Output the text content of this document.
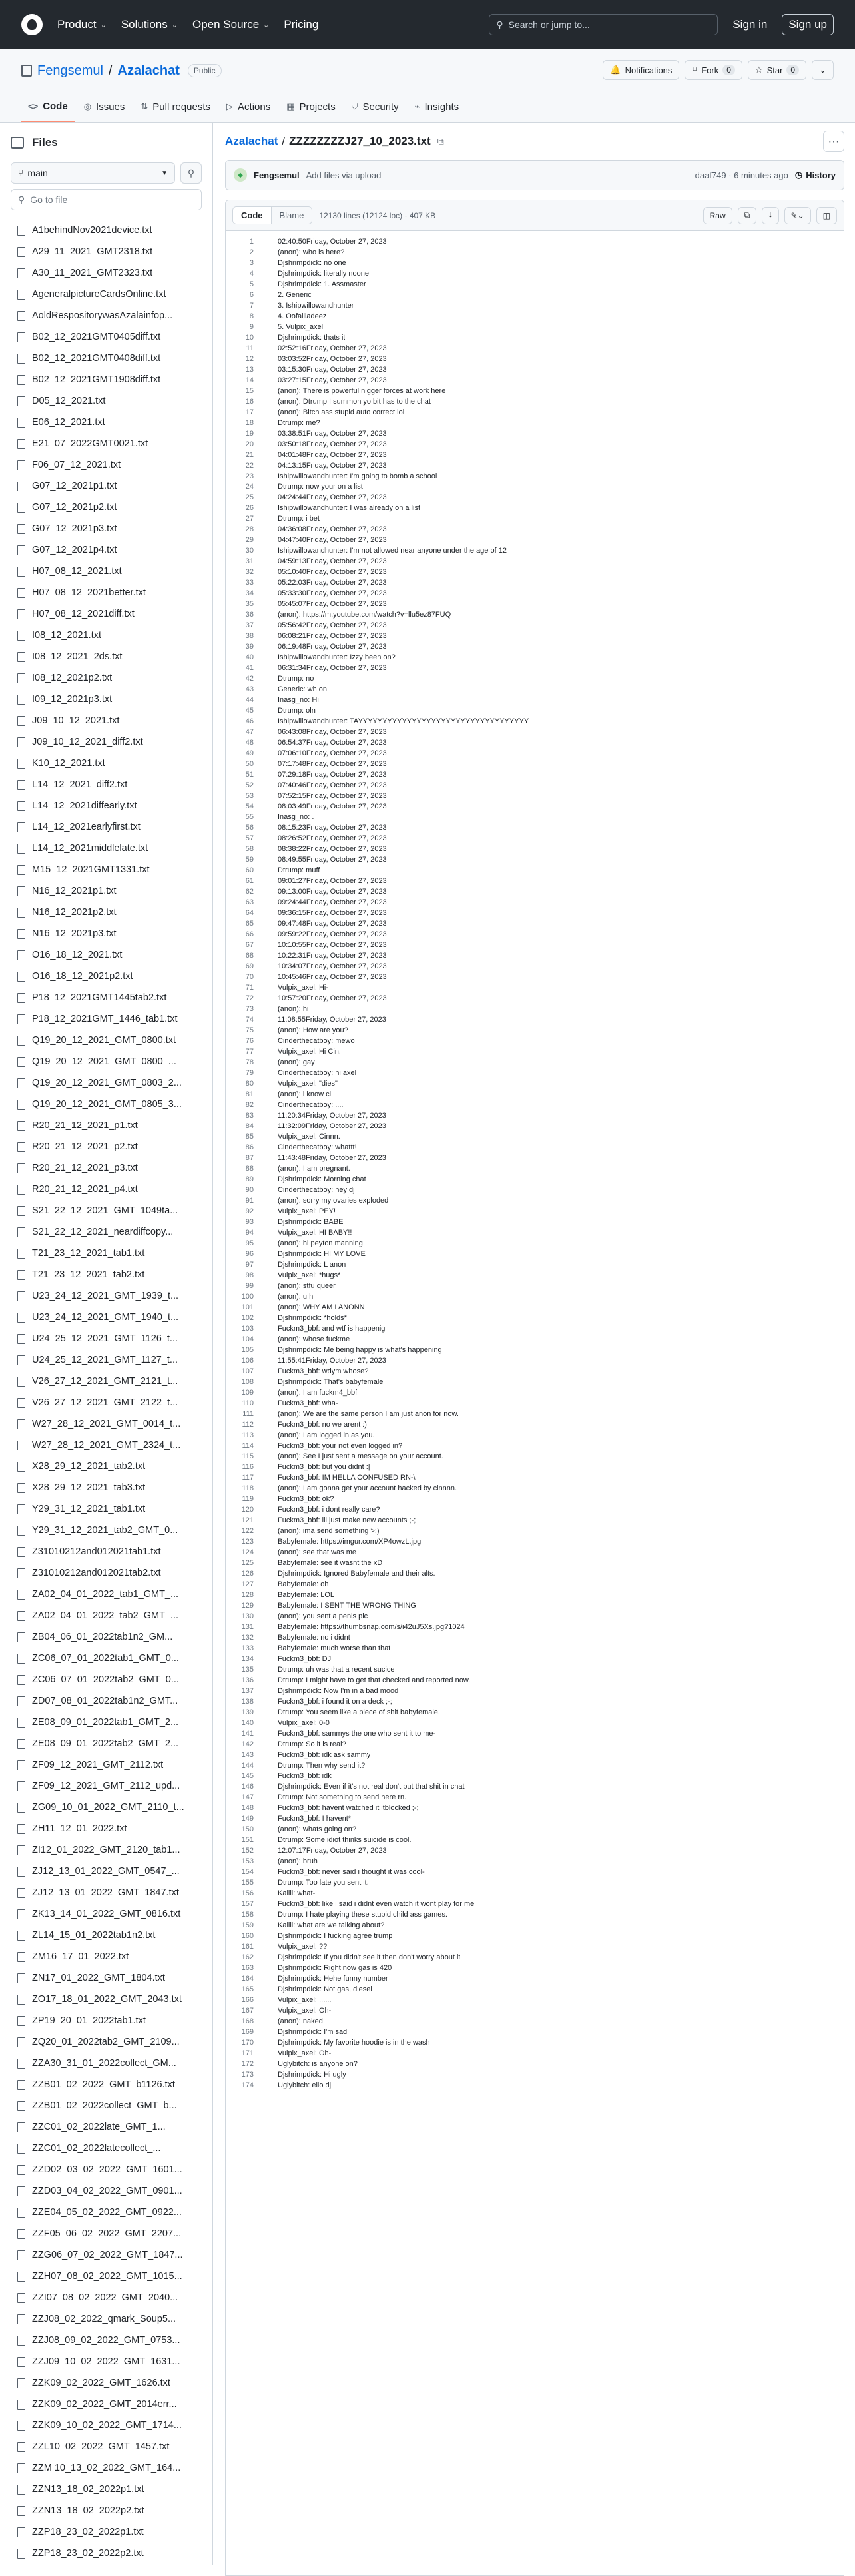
Product ⌄ Solutions ⌄ Open Source ⌄ Pricing	⚲ Search or jump to...	Sign in	Sign up
Fengsemul / Azalachat	Public	🔔 Notifications ⑂ Fork	0	☆ Star	0	⌄
<> Code ◎ Issues ⇅ Pull requests ▷ Actions ▦ Projects ⛉ Security ⌁ Insights
Files
⑂ main	▼ ⚲
⚲ Go to file
A1behindNov2021device.txt
A29_11_2021_GMT2318.txt
A30_11_2021_GMT2323.txt
AgeneralpictureCardsOnline.txt
AoldRespositorywasAzalainfop...
B02_12_2021GMT0405diff.txt
B02_12_2021GMT0408diff.txt
B02_12_2021GMT1908diff.txt
D05_12_2021.txt
E06_12_2021.txt
E21_07_2022GMT0021.txt
F06_07_12_2021.txt
G07_12_2021p1.txt
G07_12_2021p2.txt
G07_12_2021p3.txt
G07_12_2021p4.txt
H07_08_12_2021.txt
H07_08_12_2021better.txt
H07_08_12_2021diff.txt
I08_12_2021.txt
I08_12_2021_2ds.txt
I08_12_2021p2.txt
I09_12_2021p3.txt
J09_10_12_2021.txt
J09_10_12_2021_diff2.txt
K10_12_2021.txt
L14_12_2021_diff2.txt
L14_12_2021diffearly.txt
L14_12_2021earlyfirst.txt
L14_12_2021middlelate.txt
M15_12_2021GMT1331.txt
N16_12_2021p1.txt
N16_12_2021p2.txt
N16_12_2021p3.txt
O16_18_12_2021.txt
O16_18_12_2021p2.txt
P18_12_2021GMT1445tab2.txt
P18_12_2021GMT_1446_tab1.txt
Q19_20_12_2021_GMT_0800.txt
Q19_20_12_2021_GMT_0800_...
Q19_20_12_2021_GMT_0803_2...
Q19_20_12_2021_GMT_0805_3...
R20_21_12_2021_p1.txt
R20_21_12_2021_p2.txt
R20_21_12_2021_p3.txt
R20_21_12_2021_p4.txt
S21_22_12_2021_GMT_1049ta...
S21_22_12_2021_neardiffcopy...
T21_23_12_2021_tab1.txt
T21_23_12_2021_tab2.txt
U23_24_12_2021_GMT_1939_t...
U23_24_12_2021_GMT_1940_t...
U24_25_12_2021_GMT_1126_t...
U24_25_12_2021_GMT_1127_t...
V26_27_12_2021_GMT_2121_t...
V26_27_12_2021_GMT_2122_t...
W27_28_12_2021_GMT_0014_t...
W27_28_12_2021_GMT_2324_t...
X28_29_12_2021_tab2.txt
X28_29_12_2021_tab3.txt
Y29_31_12_2021_tab1.txt
Y29_31_12_2021_tab2_GMT_0...
Z31010212and012021tab1.txt
Z31010212and012021tab2.txt
ZA02_04_01_2022_tab1_GMT_...
ZA02_04_01_2022_tab2_GMT_...
ZB04_06_01_2022tab1n2_GM...
ZC06_07_01_2022tab1_GMT_0...
ZC06_07_01_2022tab2_GMT_0...
ZD07_08_01_2022tab1n2_GMT...
ZE08_09_01_2022tab1_GMT_2...
ZE08_09_01_2022tab2_GMT_2...
ZF09_12_2021_GMT_2112.txt
ZF09_12_2021_GMT_2112_upd...
ZG09_10_01_2022_GMT_2110_t...
ZH11_12_01_2022.txt
ZI12_01_2022_GMT_2120_tab1...
ZJ12_13_01_2022_GMT_0547_...
ZJ12_13_01_2022_GMT_1847.txt
ZK13_14_01_2022_GMT_0816.txt
ZL14_15_01_2022tab1n2.txt
ZM16_17_01_2022.txt
ZN17_01_2022_GMT_1804.txt
ZO17_18_01_2022_GMT_2043.txt
ZP19_20_01_2022tab1.txt
ZQ20_01_2022tab2_GMT_2109...
ZZA30_31_01_2022collect_GM...
ZZB01_02_2022_GMT_b1126.txt
ZZB01_02_2022collect_GMT_b...
ZZC01_02_2022late_GMT_1...
ZZC01_02_2022latecollect_...
ZZD02_03_02_2022_GMT_1601...
ZZD03_04_02_2022_GMT_0901...
ZZE04_05_02_2022_GMT_0922...
ZZF05_06_02_2022_GMT_2207...
ZZG06_07_02_2022_GMT_1847...
ZZH07_08_02_2022_GMT_1015...
ZZI07_08_02_2022_GMT_2040...
ZZJ08_02_2022_qmark_Soup5...
ZZJ08_09_02_2022_GMT_0753...
ZZJ09_10_02_2022_GMT_1631...
ZZK09_02_2022_GMT_1626.txt
ZZK09_02_2022_GMT_2014err...
ZZK09_10_02_2022_GMT_1714...
ZZL10_02_2022_GMT_1457.txt
ZZM 10_13_02_2022_GMT_164...
ZZN13_18_02_2022p1.txt
ZZN13_18_02_2022p2.txt
ZZP18_23_02_2022p1.txt
ZZP18_23_02_2022p2.txt
Azalachat / ZZZZZZZZJ27_10_2023.txt ⧉	···
◆	Fengsemul Add files via upload	daaf749 · 6 minutes ago ◷ History
Code	Blame	12130 lines (12124 loc) · 407 KB	Raw	⧉ ⤓ ✎ ⌄ ◫
1	02:40:50Friday, October 27, 2023
2	(anon): who is here?
3	Djshrimpdick: no one
4	Djshrimpdick: literally noone
5	Djshrimpdick: 1. Assmaster
6	2. Generic
7	3. Ishipwillowandhunter
8	4. Oofallladeez
9	5. Vulpix_axel
10	Djshrimpdick: thats it
11	02:52:16Friday, October 27, 2023
12	03:03:52Friday, October 27, 2023
13	03:15:30Friday, October 27, 2023
14	03:27:15Friday, October 27, 2023
15	(anon): There is powerful nigger forces at work here
16	(anon): Dtrump I summon yo bit has to the chat
17	(anon): Bitch ass stupid auto correct lol
18	Dtrump: me?
19	03:38:51Friday, October 27, 2023
20	03:50:18Friday, October 27, 2023
21	04:01:48Friday, October 27, 2023
22	04:13:15Friday, October 27, 2023
23	Ishipwillowandhunter: I'm going to bomb a school
24	Dtrump: now your on a list
25	04:24:44Friday, October 27, 2023
26	Ishipwillowandhunter: I was already on a list
27	Dtrump: i bet
28	04:36:08Friday, October 27, 2023
29	04:47:40Friday, October 27, 2023
30	Ishipwillowandhunter: I'm not allowed near anyone under the age of 12
31	04:59:13Friday, October 27, 2023
32	05:10:40Friday, October 27, 2023
33	05:22:03Friday, October 27, 2023
34	05:33:30Friday, October 27, 2023
35	05:45:07Friday, October 27, 2023
36	(anon): https://m.youtube.com/watch?v=llu5ez87FUQ
37	05:56:42Friday, October 27, 2023
38	06:08:21Friday, October 27, 2023
39	06:19:48Friday, October 27, 2023
40	Ishipwillowandhunter: Izzy been on?
41	06:31:34Friday, October 27, 2023
42	Dtrump: no
43	Generic: wh on
44	Inasg_no: Hi
45	Dtrump: oln
46	Ishipwillowandhunter: TAYYYYYYYYYYYYYYYYYYYYYYYYYYYYYYYYYYY
47	06:43:08Friday, October 27, 2023
48	06:54:37Friday, October 27, 2023
49	07:06:10Friday, October 27, 2023
50	07:17:48Friday, October 27, 2023
51	07:29:18Friday, October 27, 2023
52	07:40:46Friday, October 27, 2023
53	07:52:15Friday, October 27, 2023
54	08:03:49Friday, October 27, 2023
55	Inasg_no: .
56	08:15:23Friday, October 27, 2023
57	08:26:52Friday, October 27, 2023
58	08:38:22Friday, October 27, 2023
59	08:49:55Friday, October 27, 2023
60	Dtrump: muff
61	09:01:27Friday, October 27, 2023
62	09:13:00Friday, October 27, 2023
63	09:24:44Friday, October 27, 2023
64	09:36:15Friday, October 27, 2023
65	09:47:48Friday, October 27, 2023
66	09:59:22Friday, October 27, 2023
67	10:10:55Friday, October 27, 2023
68	10:22:31Friday, October 27, 2023
69	10:34:07Friday, October 27, 2023
70	10:45:46Friday, October 27, 2023
71	Vulpix_axel: Hi-
72	10:57:20Friday, October 27, 2023
73	(anon): hi
74	11:08:55Friday, October 27, 2023
75	(anon): How are you?
76	Cinderthecatboy: mewo
77	Vulpix_axel: Hi Cin.
78	(anon): gay
79	Cinderthecatboy: hi axel
80	Vulpix_axel: "dies"
81	(anon): i know ci
82	Cinderthecatboy: ....
83	11:20:34Friday, October 27, 2023
84	11:32:09Friday, October 27, 2023
85	Vulpix_axel: Cinnn.
86	Cinderthecatboy: whattt!
87	11:43:48Friday, October 27, 2023
88	(anon): I am pregnant.
89	Djshrimpdick: Morning chat
90	Cinderthecatboy: hey dj
91	(anon): sorry my ovaries exploded
92	Vulpix_axel: PEY!
93	Djshrimpdick: BABE
94	Vulpix_axel: HI BABY!!
95	(anon): hi peyton manning
96	Djshrimpdick: HI MY LOVE
97	Djshrimpdick: L anon
98	Vulpix_axel: *hugs*
99	(anon): stfu queer
100	(anon): u h
101	(anon): WHY AM I ANONN
102	Djshrimpdick: *holds*
103	Fuckm3_bbf: and wtf is happenig
104	(anon): whose fuckme
105	Djshrimpdick: Me being happy is what's happening
106	11:55:41Friday, October 27, 2023
107	Fuckm3_bbf: wdym whose?
108	Djshrimpdick: That's babyfemale
109	(anon): I am fuckm4_bbf
110	Fuckm3_bbf: wha-
111	(anon): We are the same person I am just anon for now.
112	Fuckm3_bbf: no we arent :)
113	(anon): I am logged in as you.
114	Fuckm3_bbf: your not even logged in?
115	(anon): See I just sent a message on your account.
116	Fuckm3_bbf: but you didnt :|
117	Fuckm3_bbf: IM HELLA CONFUSED RN-\
118	(anon): I am gonna get your account hacked by cinnnn.
119	Fuckm3_bbf: ok?
120	Fuckm3_bbf: i dont really care?
121	Fuckm3_bbf: ill just make new accounts ;-;
122	(anon): ima send something >:)
123	Babyfemale: https://imgur.com/XP4owzL.jpg
124	(anon): see that was me
125	Babyfemale: see it wasnt the xD
126	Djshrimpdick: Ignored Babyfemale and their alts.
127	Babyfemale: oh
128	Babyfemale: LOL
129	Babyfemale: I SENT THE WRONG THING
130	(anon): you sent a penis pic
131	Babyfemale: https://thumbsnap.com/s/i42uJ5Xs.jpg?1024
132	Babyfemale: no i didnt
133	Babyfemale: much worse than that
134	Fuckm3_bbf: DJ
135	Dtrump: uh was that a recent sucice
136	Dtrump: I might have to get that checked and reported now.
137	Djshrimpdick: Now I'm in a bad mood
138	Fuckm3_bbf: i found it on a deck ;-;
139	Dtrump: You seem like a piece of shit babyfemale.
140	Vulpix_axel: 0-0
141	Fuckm3_bbf: sammys the one who sent it to me-
142	Dtrump: So it is real?
143	Fuckm3_bbf: idk ask sammy
144	Dtrump: Then why send it?
145	Fuckm3_bbf: idk
146	Djshrimpdick: Even if it's not real don't put that shit in chat
147	Dtrump: Not something to send here rn.
148	Fuckm3_bbf: havent watched it itblocked ;-;
149	Fuckm3_bbf: I havent*
150	(anon): whats going on?
151	Dtrump: Some idiot thinks suicide is cool.
152	12:07:17Friday, October 27, 2023
153	(anon): bruh
154	Fuckm3_bbf: never said i thought it was cool-
155	Dtrump: Too late you sent it.
156	Kaiiii: what-
157	Fuckm3_bbf: like i said i didnt even watch it wont play for me
158	Dtrump: I hate playing these stupid child ass games.
159	Kaiiii: what are we talking about?
160	Djshrimpdick: I fucking agree trump
161	Vulpix_axel: ??
162	Djshrimpdick: If you didn't see it then don't worry about it
163	Djshrimpdick: Right now gas is 420
164	Djshrimpdick: Hehe funny number
165	Djshrimpdick: Not gas, diesel
166	Vulpix_axel: ......
167	Vulpix_axel: Oh-
168	(anon): naked
169	Djshrimpdick: I'm sad
170	Djshrimpdick: My favorite hoodie is in the wash
171	Vulpix_axel: Oh-
172	Uglybitch: is anyone on?
173	Djshrimpdick: Hi ugly
174	Uglybitch: ello dj
